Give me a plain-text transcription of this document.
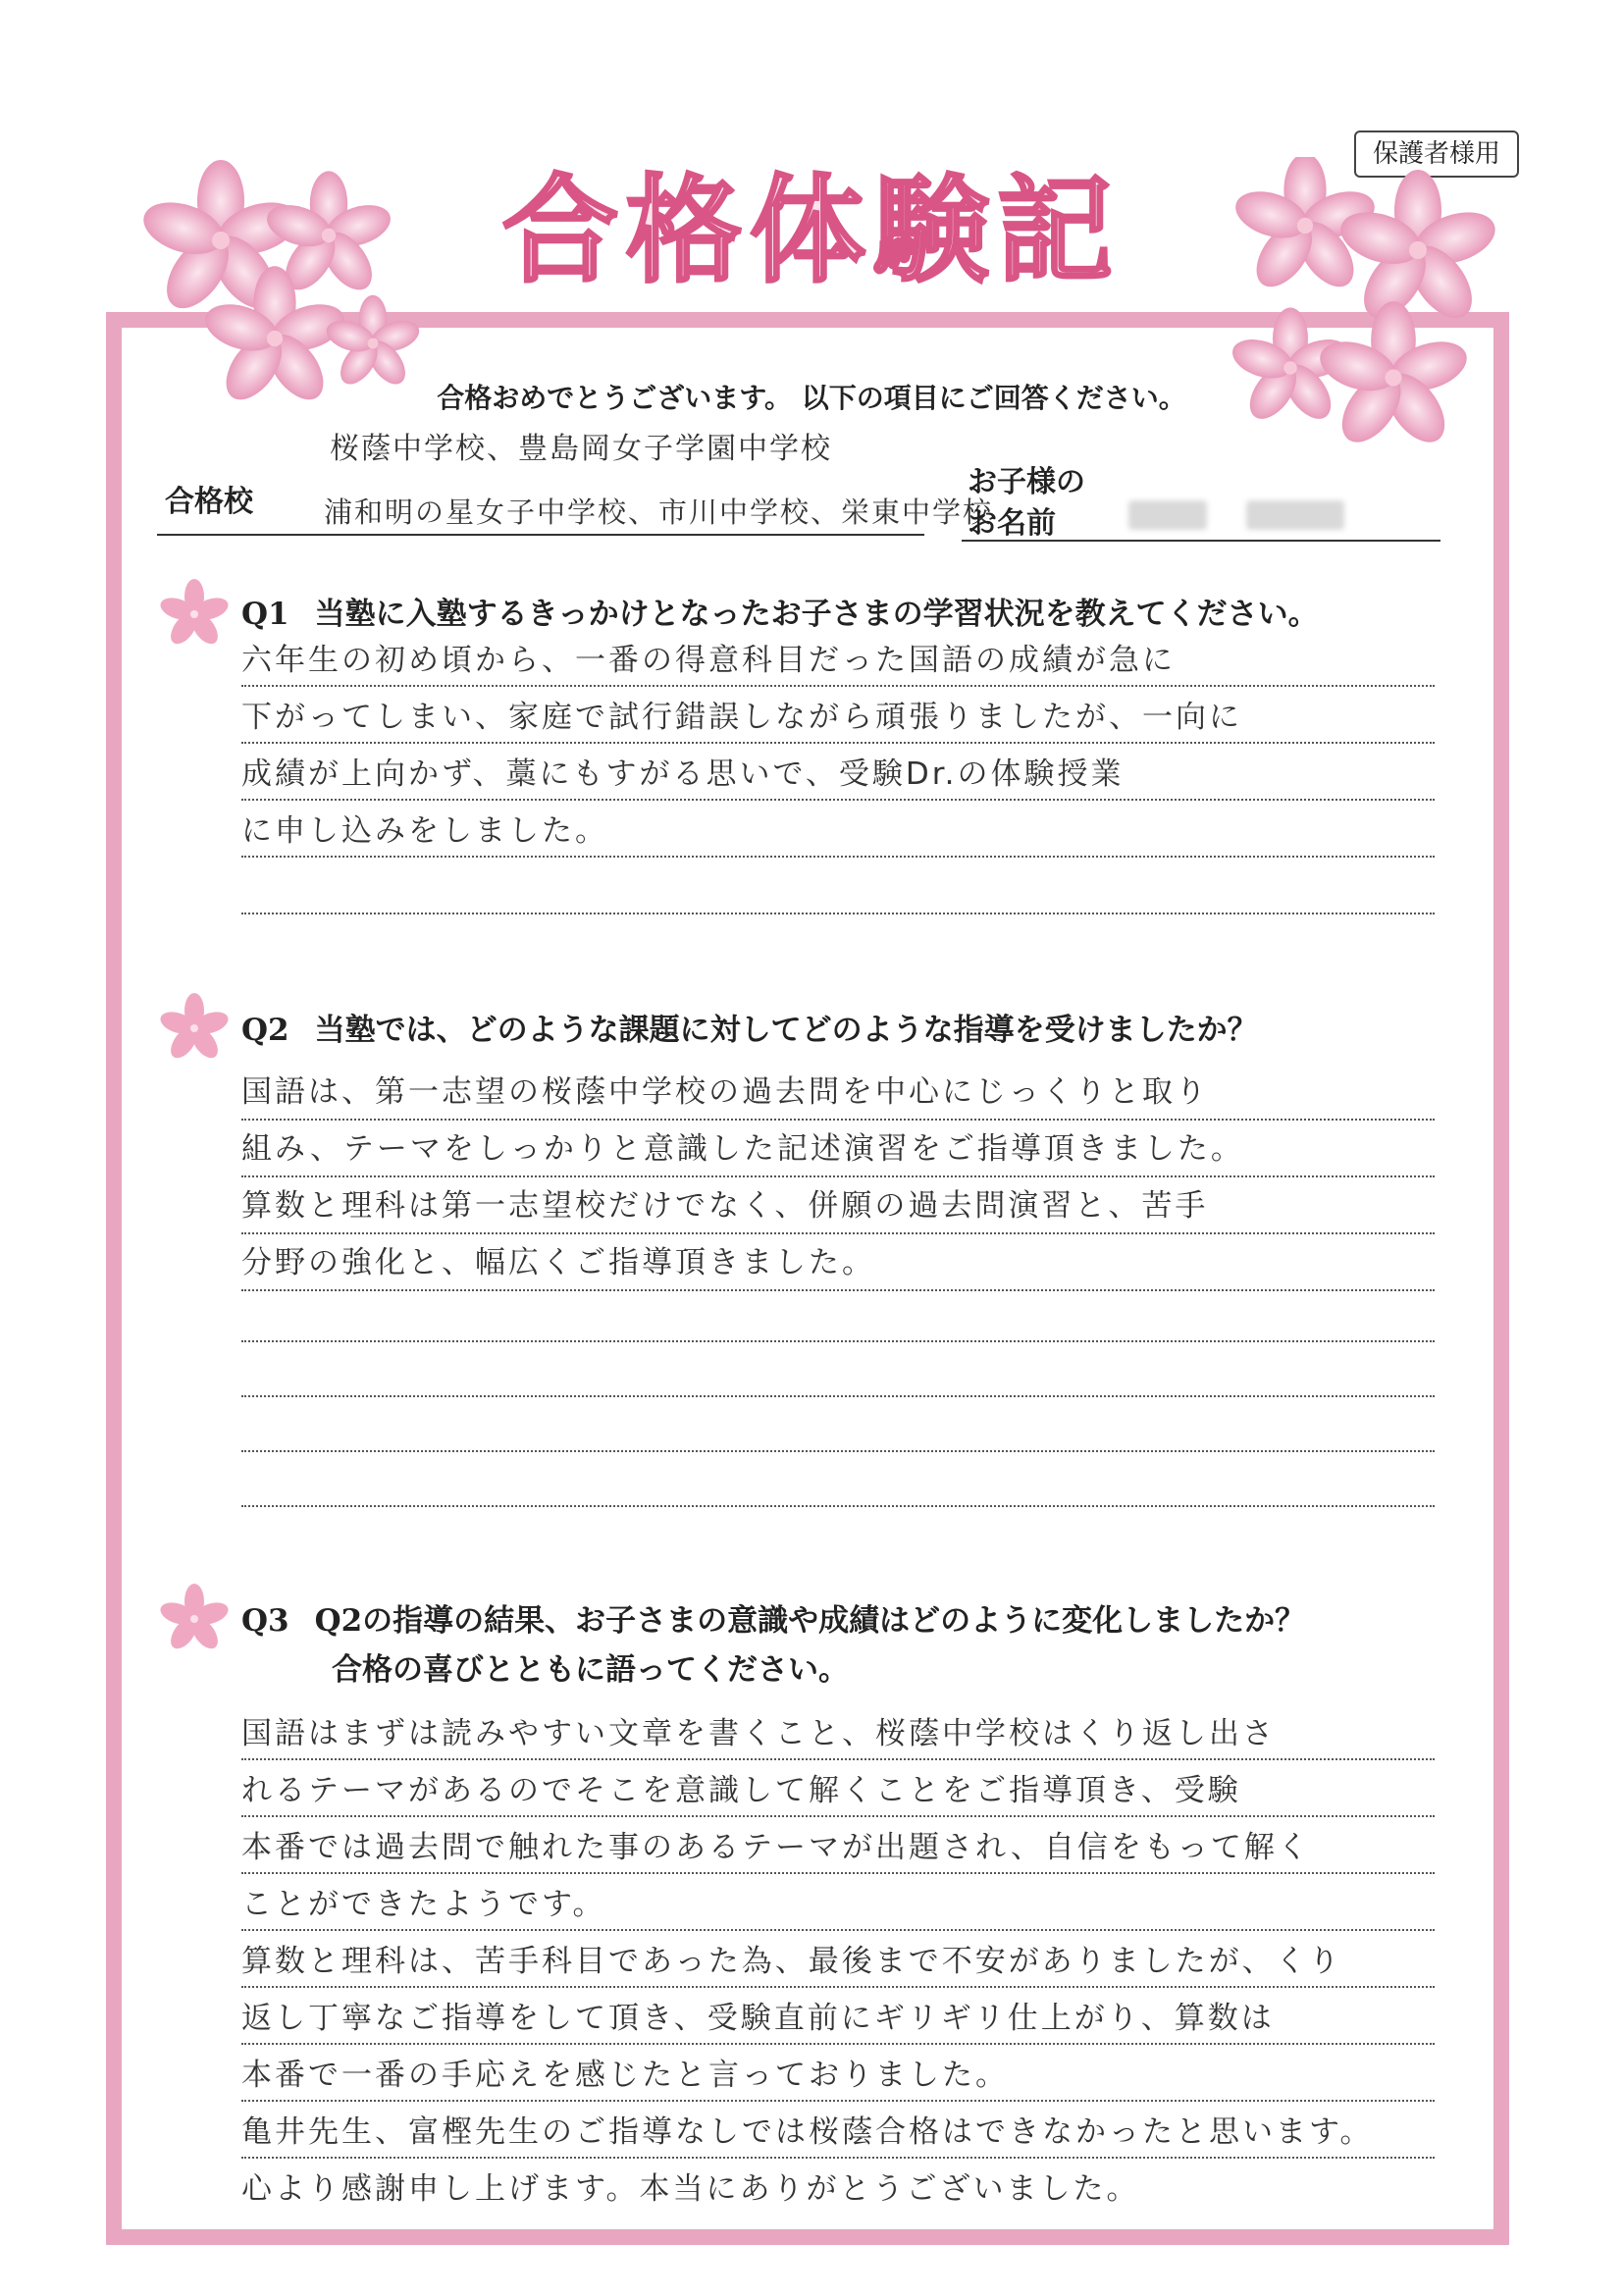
合格体験記
保護者様用
合格おめでとうございます。 以下の項目にご回答ください。
合格校
桜蔭中学校、豊島岡女子学園中学校
浦和明の星女子中学校、市川中学校、栄東中学校
お子様の
お名前
Q1 当塾に入塾するきっかけとなったお子さまの学習状況を教えてください。
六年生の初め頃から、一番の得意科目だった国語の成績が急に
下がってしまい、家庭で試行錯誤しながら頑張りましたが、一向に
成績が上向かず、藁にもすがる思いで、受験Dr.の体験授業
に申し込みをしました。
Q2 当塾では、どのような課題に対してどのような指導を受けましたか？
国語は、第一志望の桜蔭中学校の過去問を中心にじっくりと取り
組み、テーマをしっかりと意識した記述演習をご指導頂きました。
算数と理科は第一志望校だけでなく、併願の過去問演習と、苦手
分野の強化と、幅広くご指導頂きました。
Q3 Q2の指導の結果、お子さまの意識や成績はどのように変化しましたか？
合格の喜びとともに語ってください。
国語はまずは読みやすい文章を書くこと、桜蔭中学校はくり返し出さ
れるテーマがあるのでそこを意識して解くことをご指導頂き、受験
本番では過去問で触れた事のあるテーマが出題され、自信をもって解く
ことができたようです。
算数と理科は、苦手科目であった為、最後まで不安がありましたが、くり
返し丁寧なご指導をして頂き、受験直前にギリギリ仕上がり、算数は
本番で一番の手応えを感じたと言っておりました。
亀井先生、富樫先生のご指導なしでは桜蔭合格はできなかったと思います。
心より感謝申し上げます。本当にありがとうございました。
